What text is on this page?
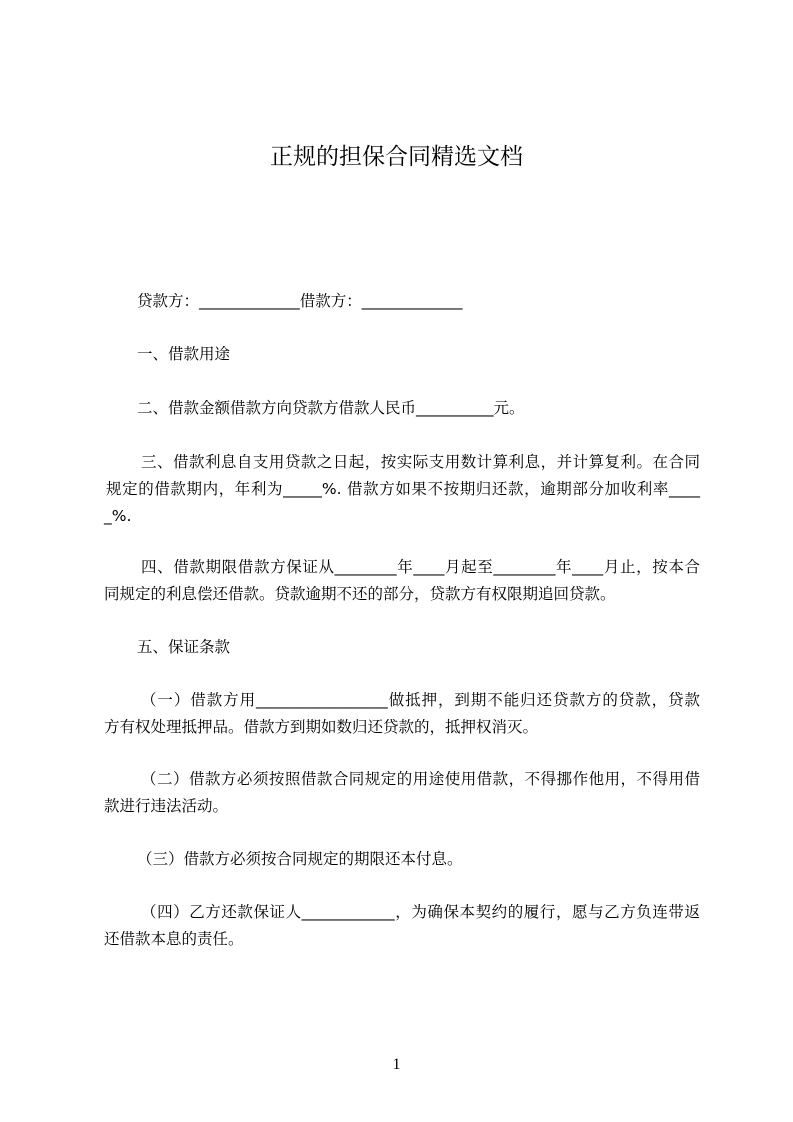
正规的担保合同精选文档
贷款方：_____________借款方：_____________
一、借款用途
二、借款金额借款方向贷款方借款人民币__________元。
三、借款利息自支用贷款之日起，按实际支用数计算利息，并计算复利。在合同
规定的借款期内，年利为_____%. 借款方如果不按期归还款，逾期部分加收利率____
_%.
四、借款期限借款方保证从________年____月起至________年____月止，按本合
同规定的利息偿还借款。贷款逾期不还的部分，贷款方有权限期追回贷款。
五、保证条款
（一）借款方用_________________做抵押，到期不能归还贷款方的贷款，贷款
方有权处理抵押品。借款方到期如数归还贷款的，抵押权消灭。
（二）借款方必须按照借款合同规定的用途使用借款，不得挪作他用，不得用借
款进行违法活动。
（三）借款方必须按合同规定的期限还本付息。
（四）乙方还款保证人____________，为确保本契约的履行，愿与乙方负连带返
还借款本息的责任。
1
